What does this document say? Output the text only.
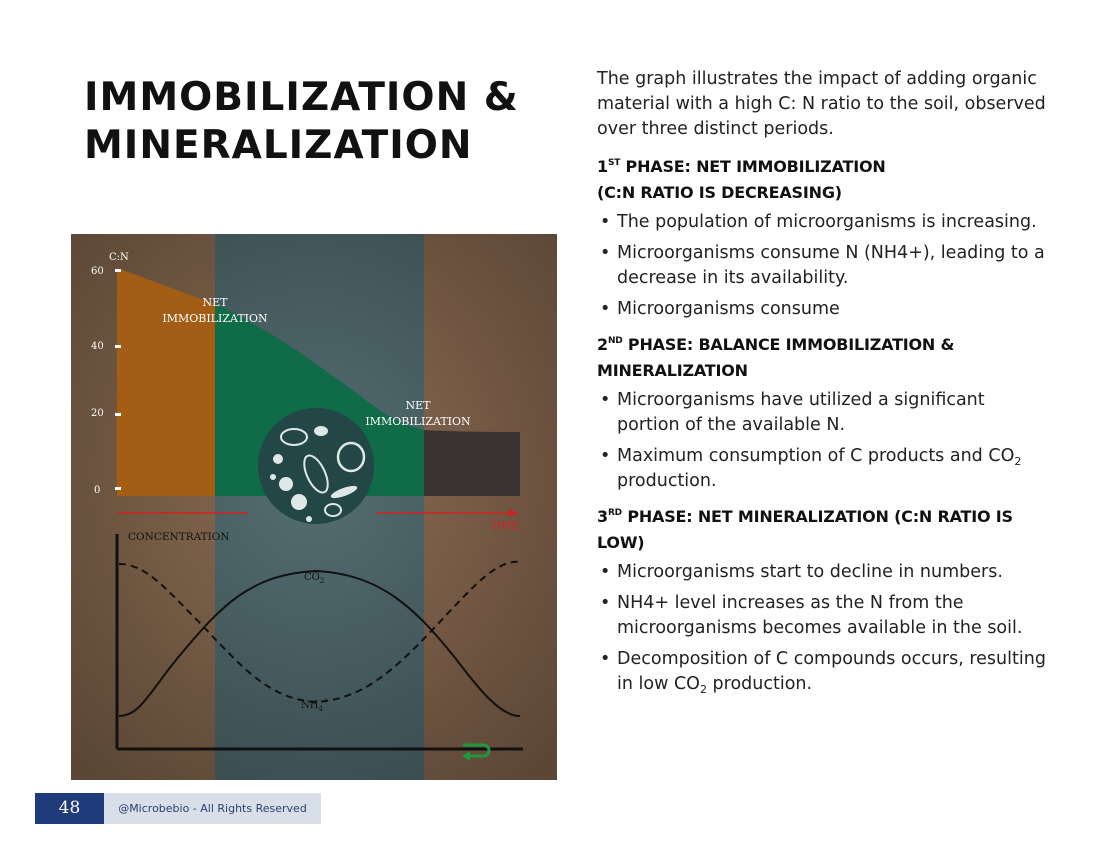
IMMOBILIZATION &
MINERALIZATION
C:N
60
40
20
0
NET
IMMOBILIZATION
NET
IMMOBILIZATION
TIME
CONCENTRATION
$CO_2$
$NH_4^+$

The graph illustrates the impact of adding organic material with a high C: N ratio to the soil, observed over three distinct periods.

1ST PHASE: NET IMMOBILIZATION
(C:N RATIO IS DECREASING)
• The population of microorganisms is increasing.
• Microorganisms consume N (NH4+), leading to a decrease in its availability.
• Microorganisms consume
2ND PHASE: BALANCE IMMOBILIZATION &
MINERALIZATION
• Microorganisms have utilized a significant portion of the available N.
• Maximum consumption of C products and $CO_2$ production.
3RD PHASE: NET MINERALIZATION (C:N RATIO IS LOW)
• Microorganisms start to decline in numbers.
• NH4+ level increases as the N from the microorganisms becomes available in the soil.
• Decomposition of C compounds occurs, resulting in low $CO_2$ production.
48	@Microbebio - All Rights Reserved
